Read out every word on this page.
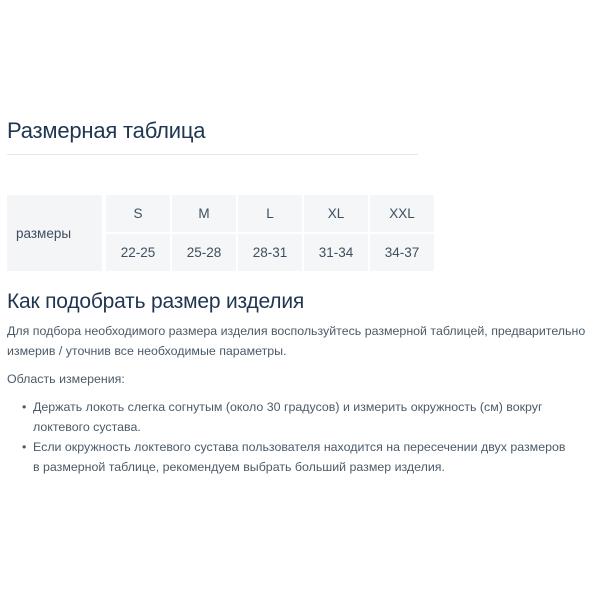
Размерная таблица
размеры	S	M	L	XL	XXL
	22-25	25-28	28-31	31-34	34-37
Как подобрать размер изделия

Для подбора необходимого размера изделия воспользуйтесь размерной таблицей, предварительно измерив / уточнив все необходимые параметры.

Область измерения:

• Держать локоть слегка согнутым (около 30 градусов) и измерить окружность (см) вокруг локтевого сустава.
• Если окружность локтевого сустава пользователя находится на пересечении двух размеров в размерной таблице, рекомендуем выбрать больший размер изделия.
